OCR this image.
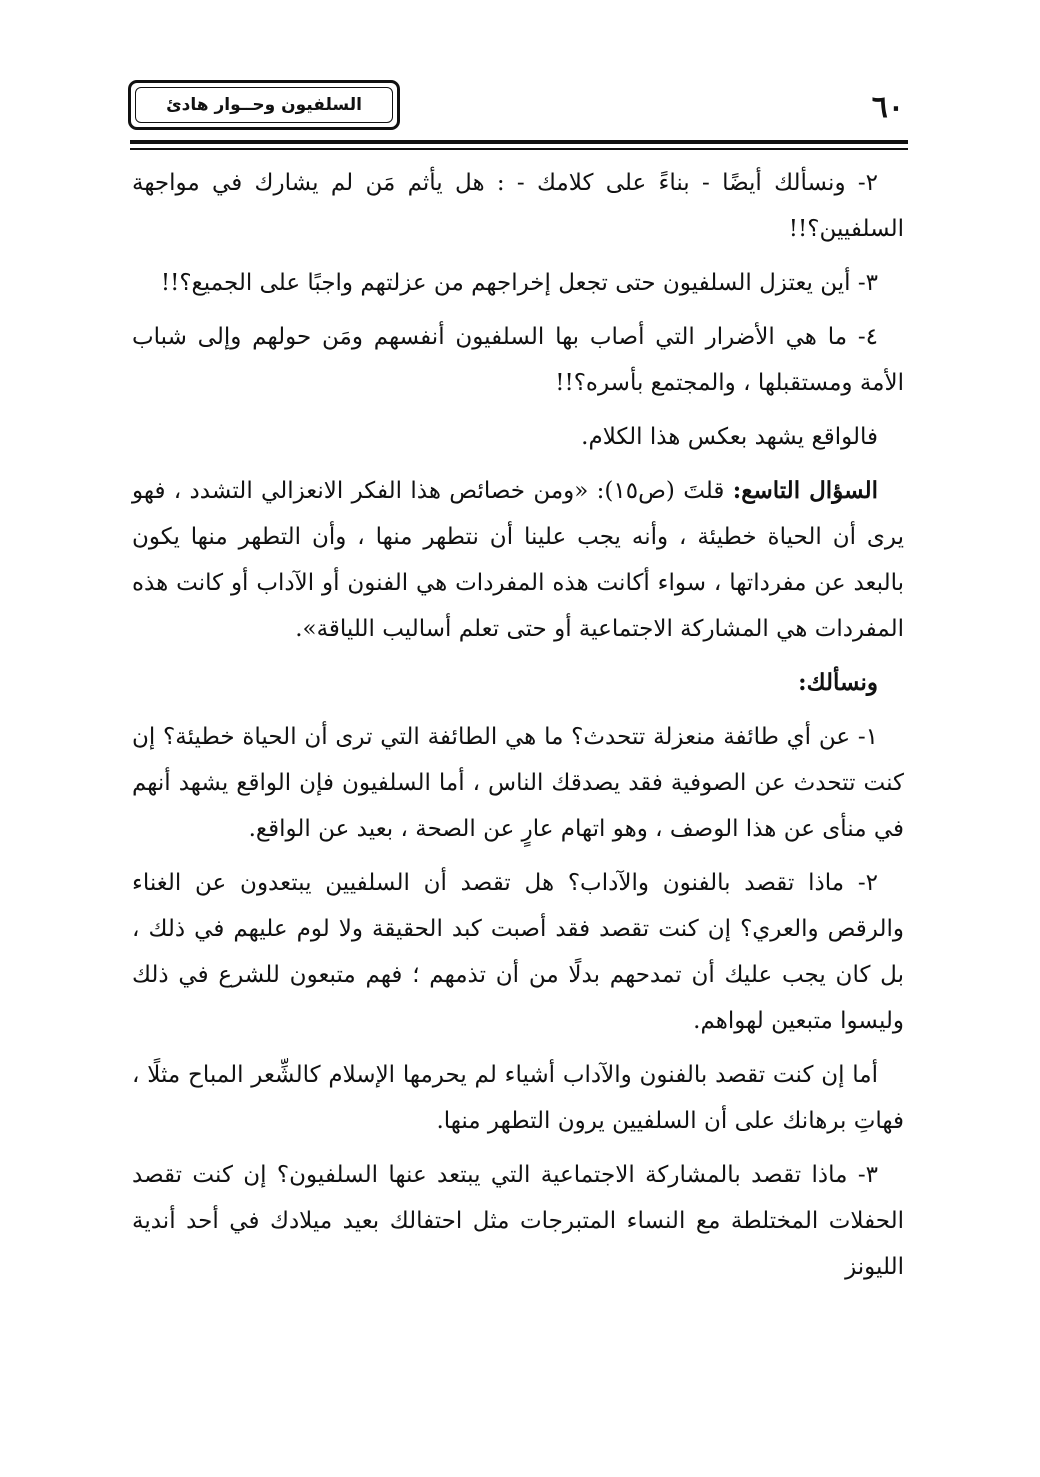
السلفيون وحــوار هادئ	٦٠

٢- ونسألك أيضًا - بناءً على كلامك - : هل يأثم مَن لم يشارك في مواجهة السلفيين؟!!

٣- أين يعتزل السلفيون حتى تجعل إخراجهم من عزلتهم واجبًا على الجميع؟!!

٤- ما هي الأضرار التي أصاب بها السلفيون أنفسهم ومَن حولهم وإلى شباب الأمة ومستقبلها ، والمجتمع بأسره؟!!

فالواقع يشهد بعكس هذا الكلام.

السؤال التاسع: قلتَ (ص١٥): «ومن خصائص هذا الفكر الانعزالي التشدد ، فهو يرى أن الحياة خطيئة ، وأنه يجب علينا أن نتطهر منها ، وأن التطهر منها يكون بالبعد عن مفرداتها ، سواء أكانت هذه المفردات هي الفنون أو الآداب أو كانت هذه المفردات هي المشاركة الاجتماعية أو حتى تعلم أساليب اللياقة».

ونسألك:

١- عن أي طائفة منعزلة تتحدث؟ ما هي الطائفة التي ترى أن الحياة خطيئة؟ إن كنت تتحدث عن الصوفية فقد يصدقك الناس ، أما السلفيون فإن الواقع يشهد أنهم في منأى عن هذا الوصف ، وهو اتهام عارٍ عن الصحة ، بعيد عن الواقع.

٢- ماذا تقصد بالفنون والآداب؟ هل تقصد أن السلفيين يبتعدون عن الغناء والرقص والعري؟ إن كنت تقصد فقد أصبت كبد الحقيقة ولا لوم عليهم في ذلك ، بل كان يجب عليك أن تمدحهم بدلًا من أن تذمهم ؛ فهم متبعون للشرع في ذلك وليسوا متبعين لهواهم.

أما إن كنت تقصد بالفنون والآداب أشياء لم يحرمها الإسلام كالشِّعر المباح مثلًا ، فهاتِ برهانك على أن السلفيين يرون التطهر منها.

٣- ماذا تقصد بالمشاركة الاجتماعية التي يبتعد عنها السلفيون؟ إن كنت تقصد الحفلات المختلطة مع النساء المتبرجات مثل احتفالك بعيد ميلادك في أحد أندية الليونز
